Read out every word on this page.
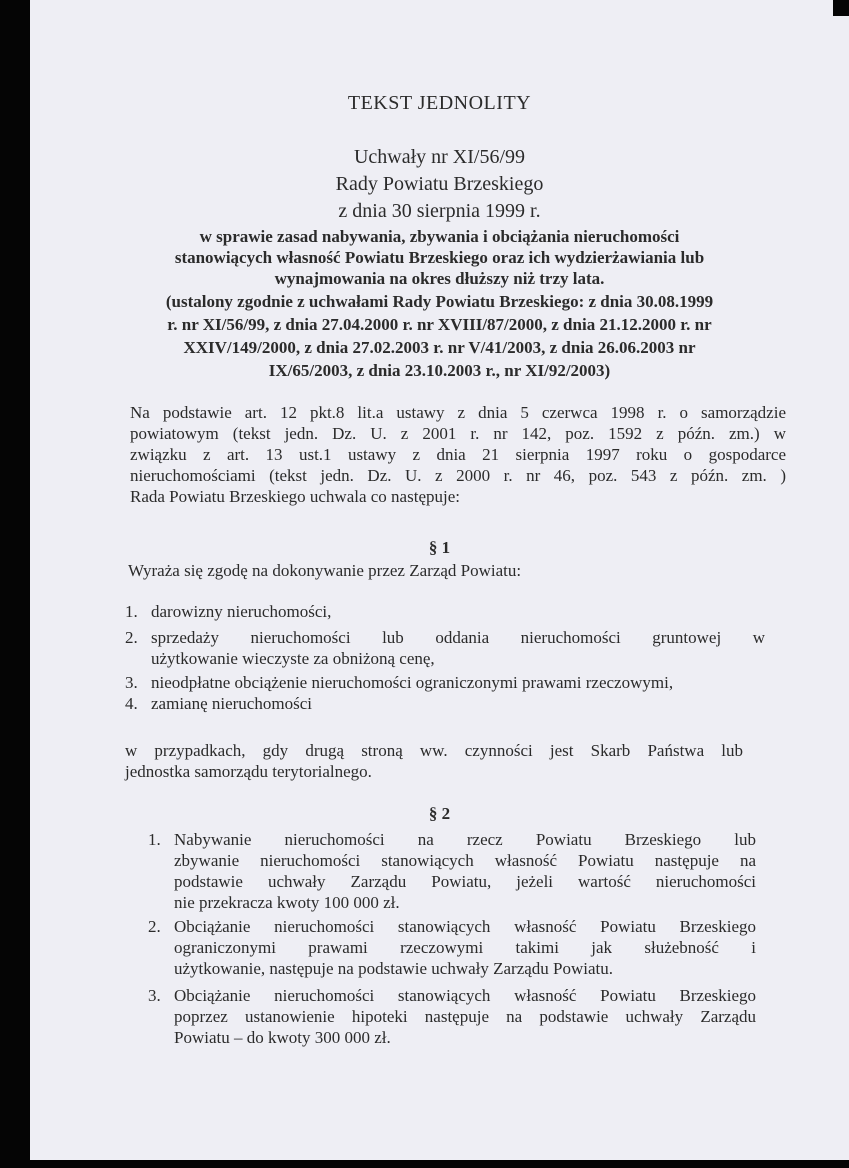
TEKST JEDNOLITY
Uchwały nr XI/56/99
Rady Powiatu Brzeskiego
z dnia 30 sierpnia 1999 r.
w sprawie zasad nabywania, zbywania i obciążania nieruchomości
stanowiących własność Powiatu Brzeskiego oraz ich wydzierżawiania lub
wynajmowania na okres dłuższy niż trzy lata.
(ustalony zgodnie z uchwałami Rady Powiatu Brzeskiego: z dnia 30.08.1999
r. nr XI/56/99, z dnia 27.04.2000 r. nr XVIII/87/2000, z dnia 21.12.2000 r. nr
XXIV/149/2000, z dnia 27.02.2003 r. nr V/41/2003, z dnia 26.06.2003 nr
IX/65/2003, z dnia 23.10.2003 r., nr XI/92/2003)
Na podstawie art. 12 pkt.8 lit.a ustawy z dnia 5 czerwca 1998 r. o samorządzie
powiatowym (tekst jedn. Dz. U. z 2001 r. nr 142, poz. 1592 z późn. zm.) w
związku z art. 13 ust.1 ustawy z dnia 21 sierpnia 1997 roku o gospodarce
nieruchomościami (tekst jedn. Dz. U. z 2000 r. nr 46, poz. 543 z późn. zm. )
Rada Powiatu Brzeskiego uchwala co następuje:
§ 1
Wyraża się zgodę na dokonywanie przez Zarząd Powiatu:
1. darowizny nieruchomości,
2. sprzedaży nieruchomości lub oddania nieruchomości gruntowej w
użytkowanie wieczyste za obniżoną cenę,
3. nieodpłatne obciążenie nieruchomości ograniczonymi prawami rzeczowymi,
4. zamianę nieruchomości
w przypadkach, gdy drugą stroną ww. czynności jest Skarb Państwa lub
jednostka samorządu terytorialnego.
§ 2
1. Nabywanie nieruchomości na rzecz Powiatu Brzeskiego lub
zbywanie nieruchomości stanowiących własność Powiatu następuje na
podstawie uchwały Zarządu Powiatu, jeżeli wartość nieruchomości
nie przekracza kwoty 100 000 zł.
2. Obciążanie nieruchomości stanowiących własność Powiatu Brzeskiego
ograniczonymi prawami rzeczowymi takimi jak służebność i
użytkowanie, następuje na podstawie uchwały Zarządu Powiatu.
3. Obciążanie nieruchomości stanowiących własność Powiatu Brzeskiego
poprzez ustanowienie hipoteki następuje na podstawie uchwały Zarządu
Powiatu – do kwoty 300 000 zł.
